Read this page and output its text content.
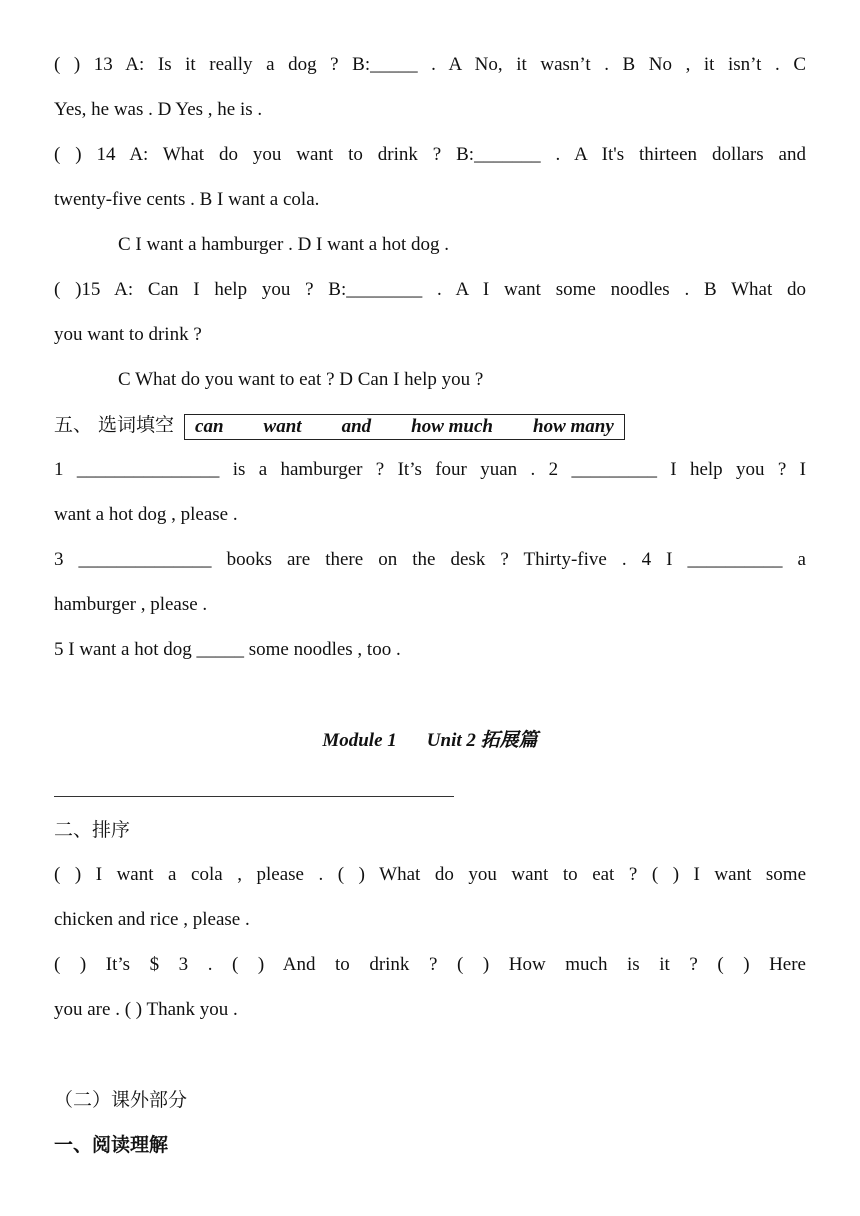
( ) 13 A: Is it really a dog ? B:_____ . A No, it wasn’t . B No , it isn’t . C
Yes, he was . D Yes , he is .
( ) 14 A: What do you want to drink ? B:_______ . A It's thirteen dollars and
twenty-five cents . B I want a cola.
C I want a hamburger . D I want a hot dog .
( )15 A: Can I help you ? B:________ . A I want some noodles . B What do
you want to drink ?
C What do you want to eat ? D Can I help you ?
五、 选词填空 can want and how much how many
1 _______________ is a hamburger ? It’s four yuan . 2 _________ I help you ? I
want a hot dog , please .
3 ______________ books are there on the desk ? Thirty-five . 4 I __________ a
hamburger , please .
5 I want a hot dog _____ some noodles , too .
Module 1 Unit 2 拓展篇
二、排序
( ) I want a cola , please . ( ) What do you want to eat ? ( ) I want some
chicken and rice , please .
( ) It’s $ 3 . ( ) And to drink ? ( ) How much is it ? ( ) Here
you are . ( ) Thank you .
（二）课外部分
一、阅读理解
